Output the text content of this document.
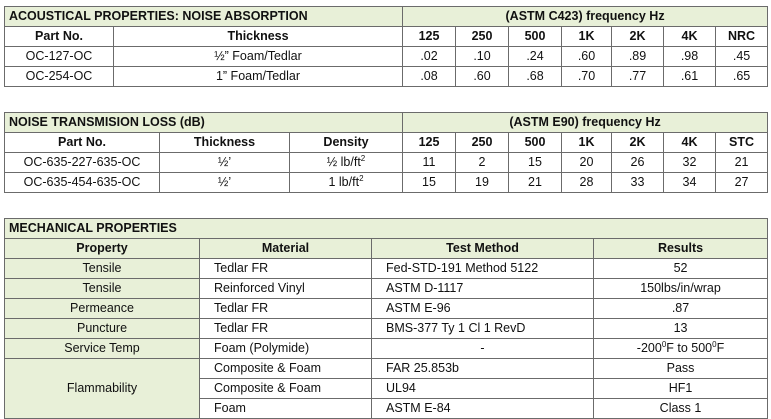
ACOUSTICAL PROPERTIES: NOISE ABSORPTION		(ASTM C423) frequency Hz						
Part No.	Thickness	125	250	500	1K	2K	4K	NRC
OC-127-OC	½” Foam/Tedlar	.02	.10	.24	.60	.89	.98	.45
OC-254-OC	1” Foam/Tedlar	.08	.60	.68	.70	.77	.61	.65
NOISE TRANSMISION LOSS (dB)			(ASTM E90) frequency Hz						
Part No.	Thickness	Density	125	250	500	1K	2K	4K	STC
OC-635-227-635-OC	½’	½ $lb/ft^2$	11	2	15	20	26	32	21
OC-635-454-635-OC	½’	1 $lb/ft^2$	15	19	21	28	33	34	27
MECHANICAL PROPERTIES			
Property	Material	Test Method	Results
Tensile	Tedlar FR	Fed-STD-191 Method 5122	52
Tensile	Reinforced Vinyl	ASTM D-1117	150lbs/in/wrap
Permeance	Tedlar FR	ASTM E-96	.87
Puncture	Tedlar FR	BMS-377 Ty 1 Cl 1 RevD	13
Service Temp	Foam (Polymide)	-	$-200^0F$ to $500^0F$
Flammability	Composite & Foam	FAR 25.853b	Pass
	Composite & Foam	UL94	HF1
	Foam	ASTM E-84	Class 1
